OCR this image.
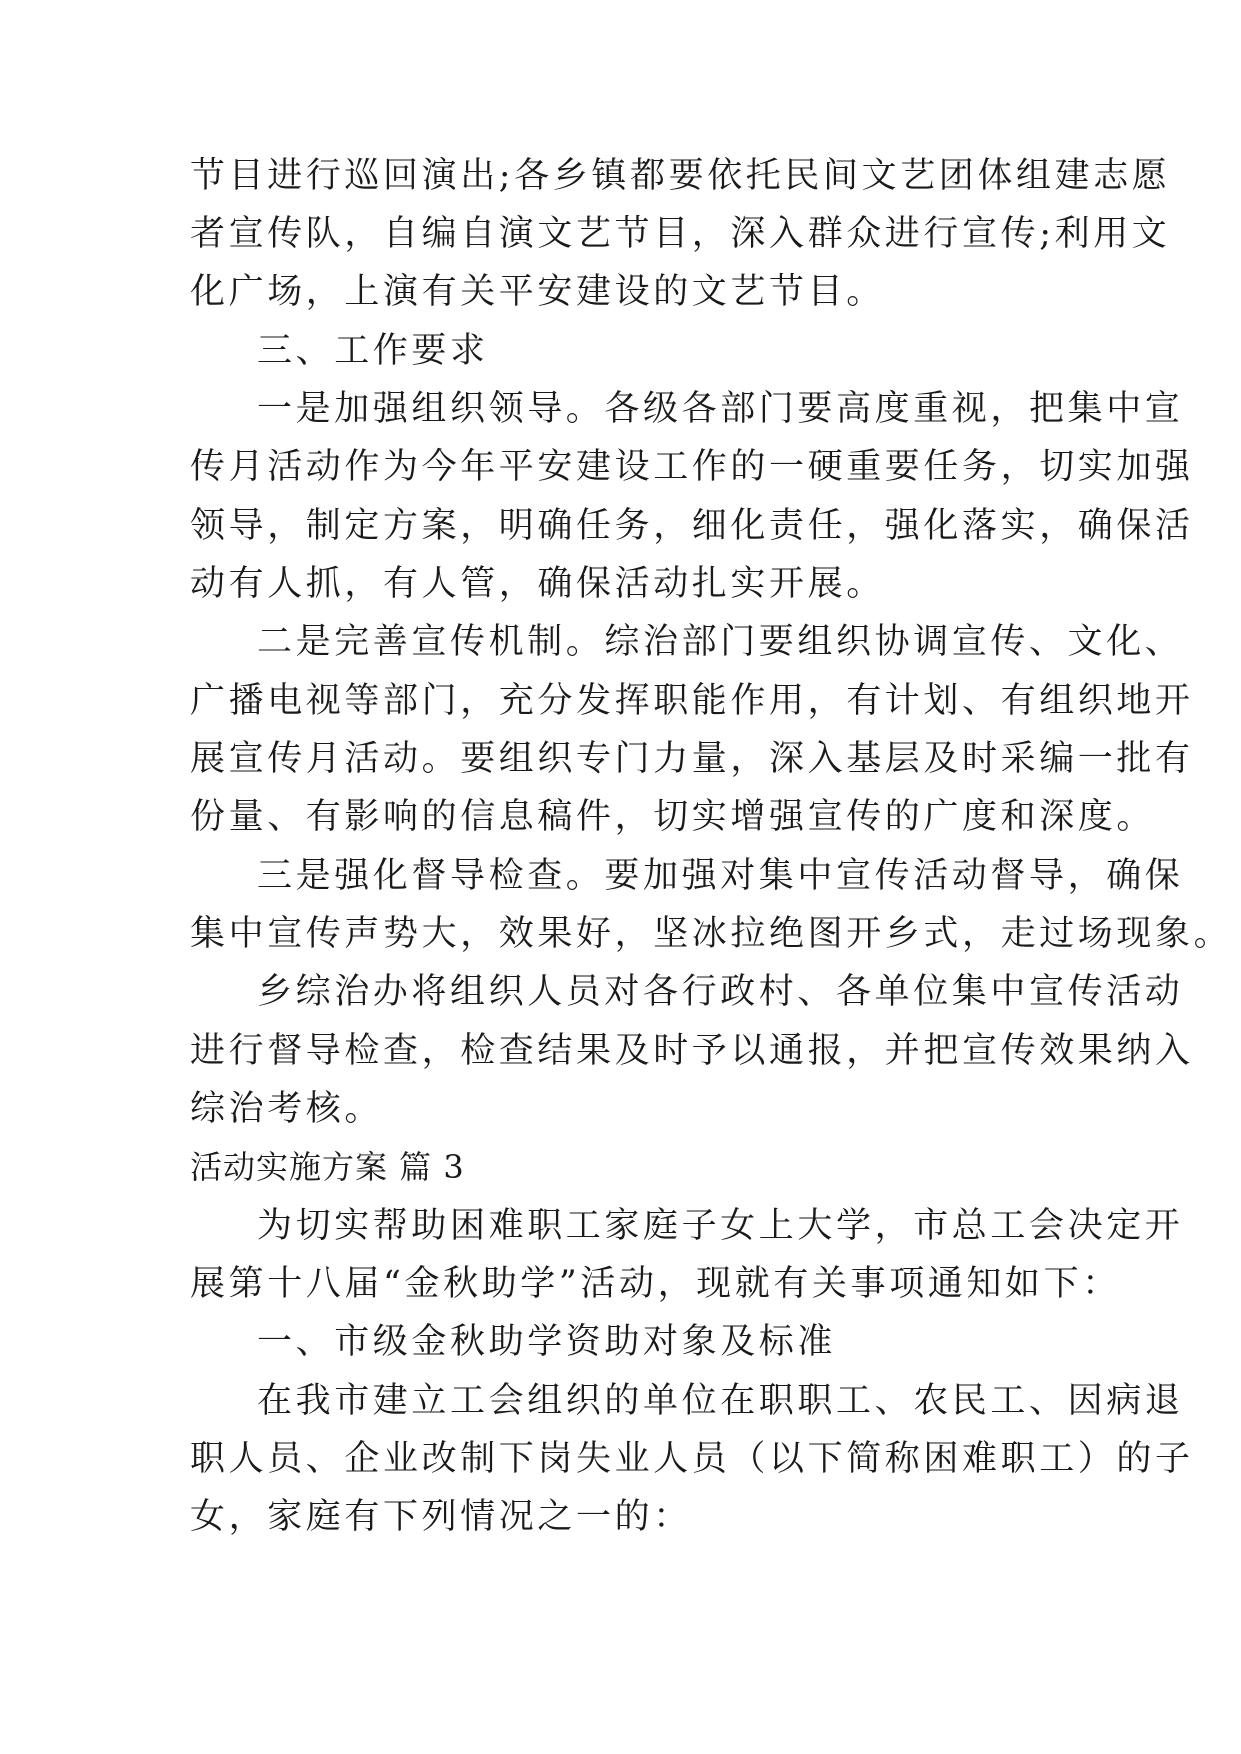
节目进行巡回演出;各乡镇都要依托民间文艺团体组建志愿
者宣传队，自编自演文艺节目，深入群众进行宣传;利用文
化广场，上演有关平安建设的文艺节目。
三、工作要求
一是加强组织领导。各级各部门要高度重视，把集中宣
传月活动作为今年平安建设工作的一硬重要任务，切实加强
领导，制定方案，明确任务，细化责任，强化落实，确保活
动有人抓，有人管，确保活动扎实开展。
二是完善宣传机制。综治部门要组织协调宣传、文化、
广播电视等部门，充分发挥职能作用，有计划、有组织地开
展宣传月活动。要组织专门力量，深入基层及时采编一批有
份量、有影响的信息稿件，切实增强宣传的广度和深度。
三是强化督导检查。要加强对集中宣传活动督导，确保
集中宣传声势大，效果好，坚冰拉绝图开乡式，走过场现象。
乡综治办将组织人员对各行政村、各单位集中宣传活动
进行督导检查，检查结果及时予以通报，并把宣传效果纳入
综治考核。
活动实施方案 篇 3
为切实帮助困难职工家庭子女上大学，市总工会决定开
展第十八届“金秋助学”活动，现就有关事项通知如下：
一、市级金秋助学资助对象及标准
在我市建立工会组织的单位在职职工、农民工、因病退
职人员、企业改制下岗失业人员（以下简称困难职工）的子
女，家庭有下列情况之一的：
